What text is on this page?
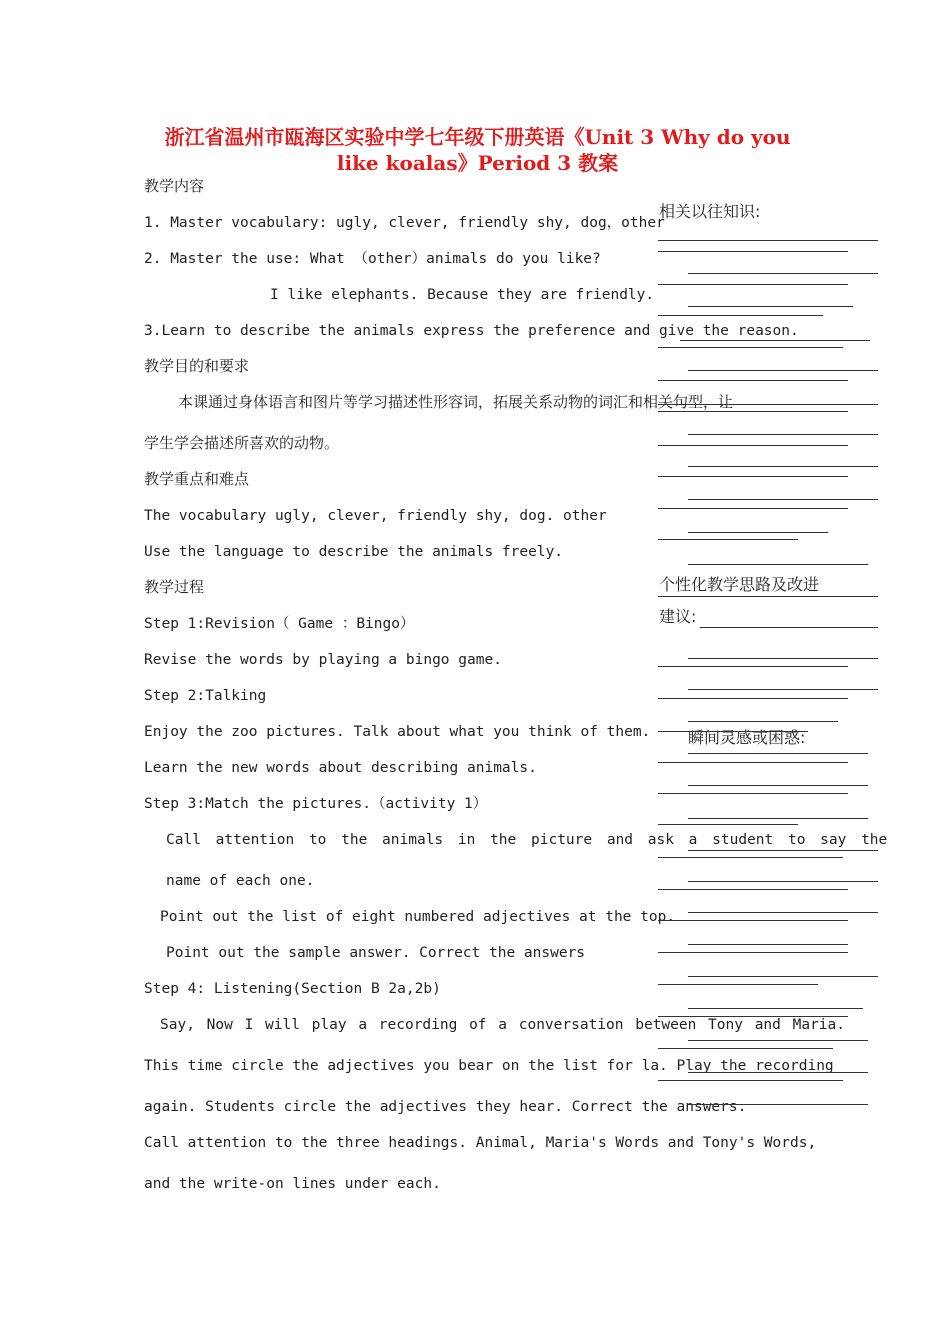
浙江省温州市瓯海区实验中学七年级下册英语《Unit 3 Why do you
like koalas》Period 3 教案
教学内容
1. Master vocabulary: ugly, clever, friendly shy, dog，other
2. Master the use: What （other）animals do you like?
I like elephants. Because they are friendly.
3.Learn to describe the animals express the preference and give the reason.
教学目的和要求
本课通过身体语言和图片等学习描述性形容词，拓展关系动物的词汇和相关句型，让
学生学会描述所喜欢的动物。
教学重点和难点
The vocabulary ugly, clever, friendly shy, dog. other
Use the language to describe the animals freely.
教学过程
Step 1:Revision（ Game ：Bingo）
Revise the words by playing a bingo game.
Step 2:Talking
Enjoy the zoo pictures. Talk about what you think of them.
Learn the new words about describing animals.
Step 3:Match the pictures.（activity 1）
Call attention to the animals in the picture and ask a student to say the
name of each one.
Point out the list of eight numbered adjectives at the top.
Point out the sample answer. Correct the answers
Step 4: Listening(Section B 2a,2b)
Say, Now I will play a recording of a conversation between Tony and Maria.
This time circle the adjectives you bear on the list for la. Play the recording
again. Students circle the adjectives they hear. Correct the answers.
Call attention to the three headings. Animal, Maria's Words and Tony's Words,
and the write-on lines under each.
相关以往知识:
个性化教学思路及改进
建议:
瞬间灵感或困惑:
